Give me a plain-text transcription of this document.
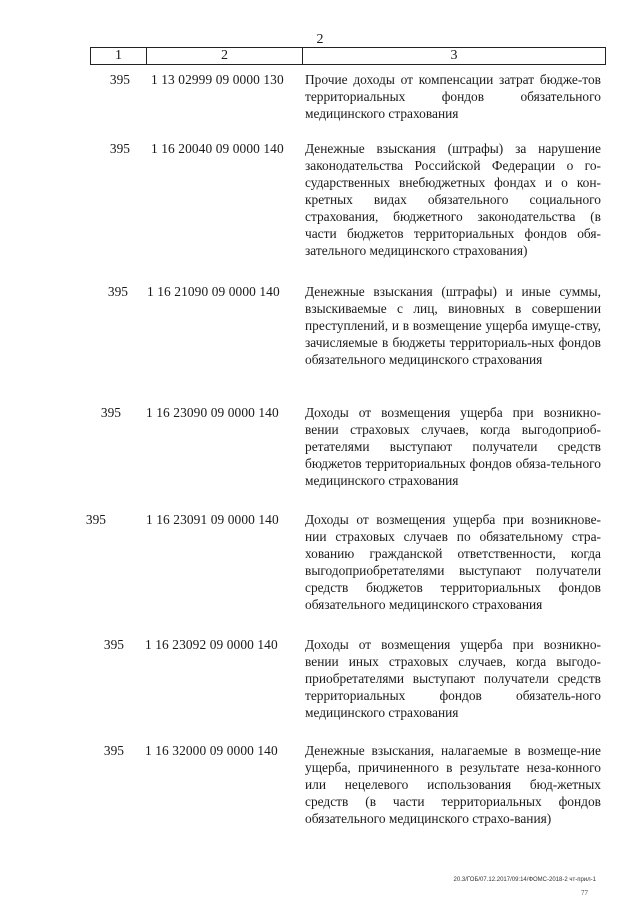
2
1	2	3
395 1 13 02999 09 0000 130 Прочие доходы от компенсации затрат бюдже-тов территориальных фондов обязательного медицинского страхования
395 1 16 20040 09 0000 140 Денежные взыскания (штрафы) за нарушение законодательства Российской Федерации о го-сударственных внебюджетных фондах и о кон-кретных видах обязательного социального страхования, бюджетного законодательства (в части бюджетов территориальных фондов обя-зательного медицинского страхования)
395 1 16 21090 09 0000 140 Денежные взыскания (штрафы) и иные суммы, взыскиваемые с лиц, виновных в совершении преступлений, и в возмещение ущерба имуще-ству, зачисляемые в бюджеты территориаль-ных фондов обязательного медицинского страхования
395 1 16 23090 09 0000 140 Доходы от возмещения ущерба при возникно-вении страховых случаев, когда выгодоприоб-ретателями выступают получатели средств бюджетов территориальных фондов обяза-тельного медицинского страхования
395	1 16 23091 09 0000 140 Доходы от возмещения ущерба при возникнове-нии страховых случаев по обязательному стра-хованию гражданской ответственности, когда выгодоприобретателями выступают получатели средств бюджетов территориальных фондов обязательного медицинского страхования
395 1 16 23092 09 0000 140 Доходы от возмещения ущерба при возникно-вении иных страховых случаев, когда выгодо-приобретателями выступают получатели средств территориальных фондов обязатель-ного медицинского страхования
395 1 16 32000 09 0000 140 Денежные взыскания, налагаемые в возмеще-ние ущерба, причиненного в результате неза-конного или нецелевого использования бюд-жетных средств (в части территориальных фондов обязательного медицинского страхо-вания)
20.3/ГОБ/07.12.2017/09:14/ФОМС-2018-2 чт-прил-1
77
